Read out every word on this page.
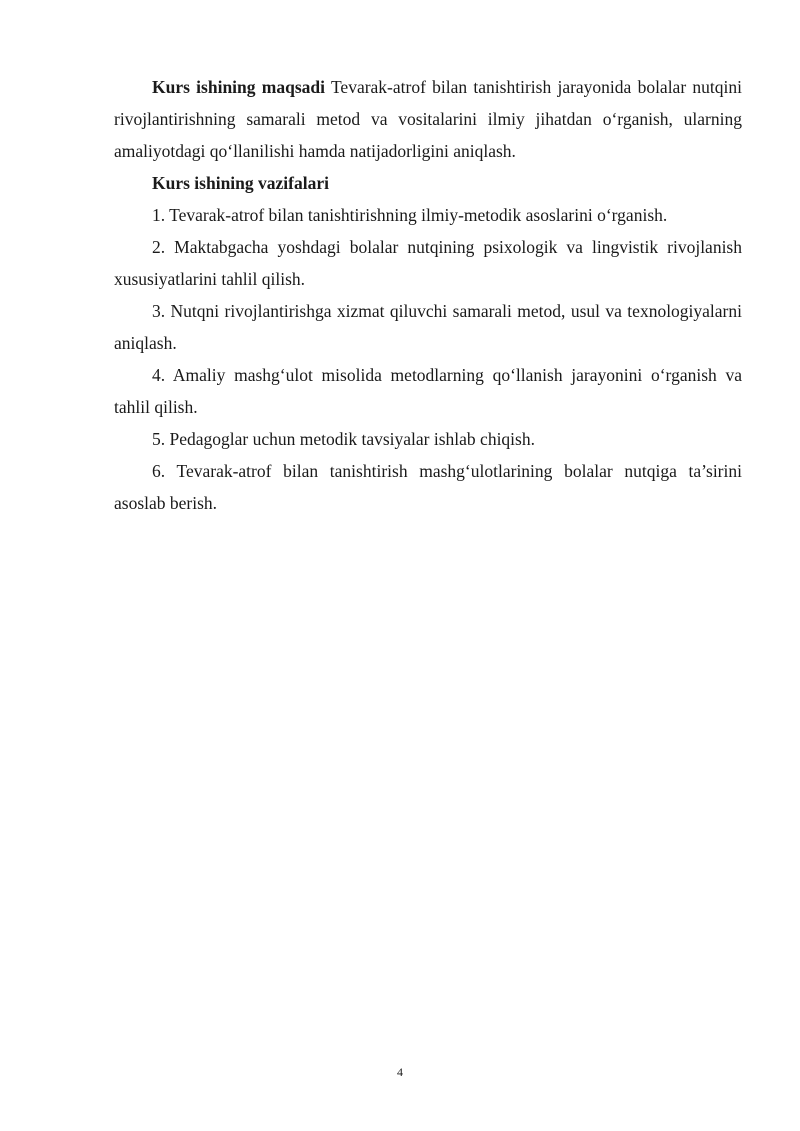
Kurs ishining maqsadi Tevarak-atrof bilan tanishtirish jarayonida bolalar nutqini rivojlantirishning samarali metod va vositalarini ilmiy jihatdan o‘rganish, ularning amaliyotdagi qo‘llanilishi hamda natijadorligini aniqlash.

Kurs ishining vazifalari

1. Tevarak-atrof bilan tanishtirishning ilmiy-metodik asoslarini o‘rganish.

2. Maktabgacha yoshdagi bolalar nutqining psixologik va lingvistik rivojlanish xususiyatlarini tahlil qilish.

3. Nutqni rivojlantirishga xizmat qiluvchi samarali metod, usul va texnologiyalarni aniqlash.

4. Amaliy mashg‘ulot misolida metodlarning qo‘llanish jarayonini o‘rganish va tahlil qilish.

5. Pedagoglar uchun metodik tavsiyalar ishlab chiqish.

6. Tevarak-atrof bilan tanishtirish mashg‘ulotlarining bolalar nutqiga ta’sirini asoslab berish.

4
